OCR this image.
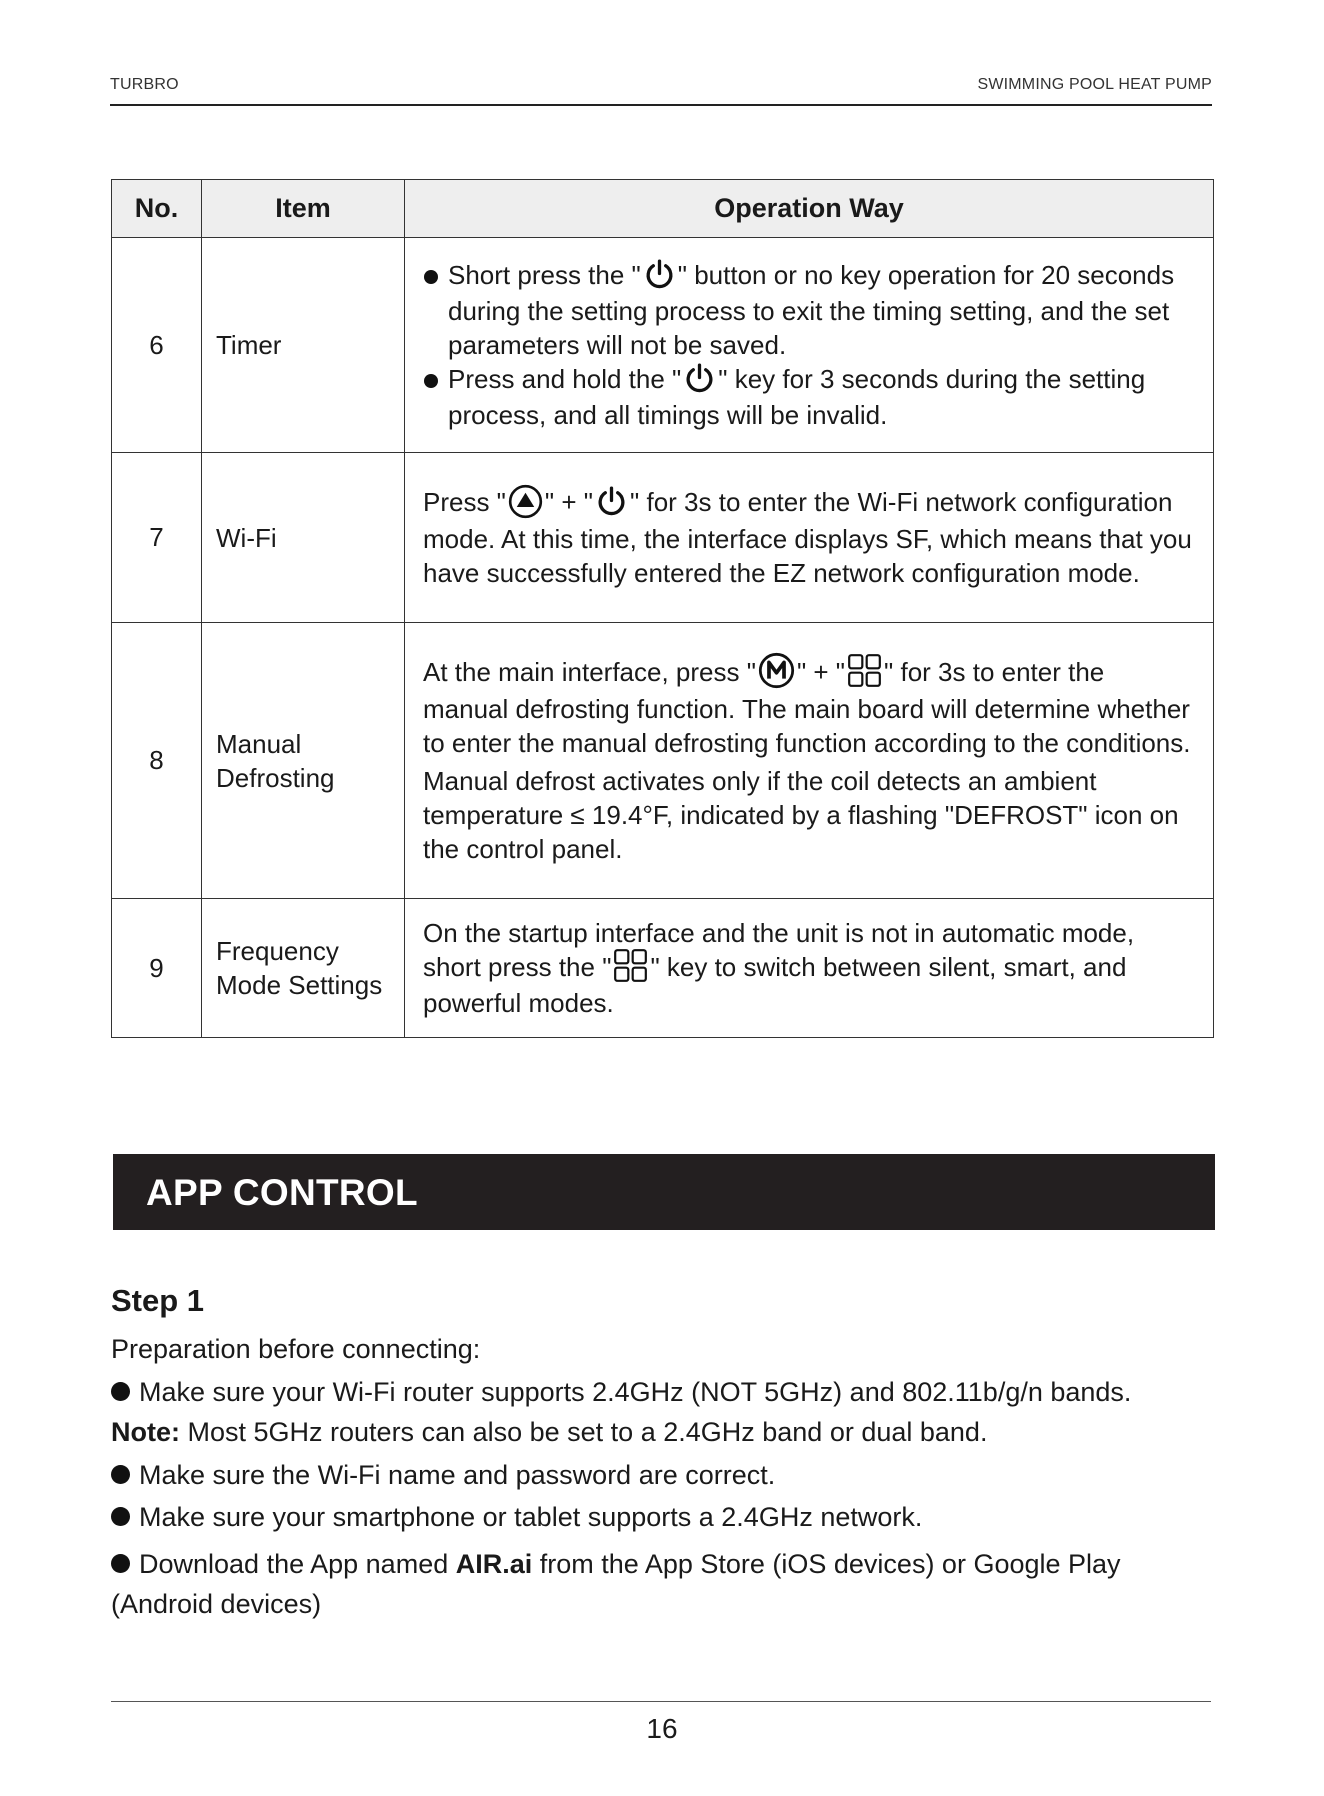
TURBRO	SWIMMING POOL HEAT PUMP
No.	Item	Operation Way
6	Timer	Short press the " " button or no key operation for 20 seconds during the setting process to exit the timing setting, and the set parameters will not be saved.
Press and hold the " " key for 3 seconds during the setting process, and all timings will be invalid.

7	Wi-Fi	Press " " + " " for 3s to enter the Wi-Fi network configuration mode. At this time, the interface displays SF, which means that you have successfully entered the EZ network configuration mode.
8	Manual Defrosting	At the main interface, press " " + " " for 3s to enter the manual defrosting function. The main board will determine whether to enter the manual defrosting function according to the conditions.
Manual defrost activates only if the coil detects an ambient temperature ≤ 19.4°F, indicated by a flashing "DEFROST" icon on the control panel.

9	Frequency Mode Settings	On the startup interface and the unit is not in automatic mode, short press the " " key to switch between silent, smart, and powerful modes.
APP CONTROL
Step 1
Preparation before connecting:
Make sure your Wi-Fi router supports 2.4GHz (NOT 5GHz) and 802.11b/g/n bands.
Note: Most 5GHz routers can also be set to a 2.4GHz band or dual band.
Make sure the Wi-Fi name and password are correct.
Make sure your smartphone or tablet supports a 2.4GHz network.
Download the App named AIR.ai from the App Store (iOS devices) or Google Play (Android devices)
16
